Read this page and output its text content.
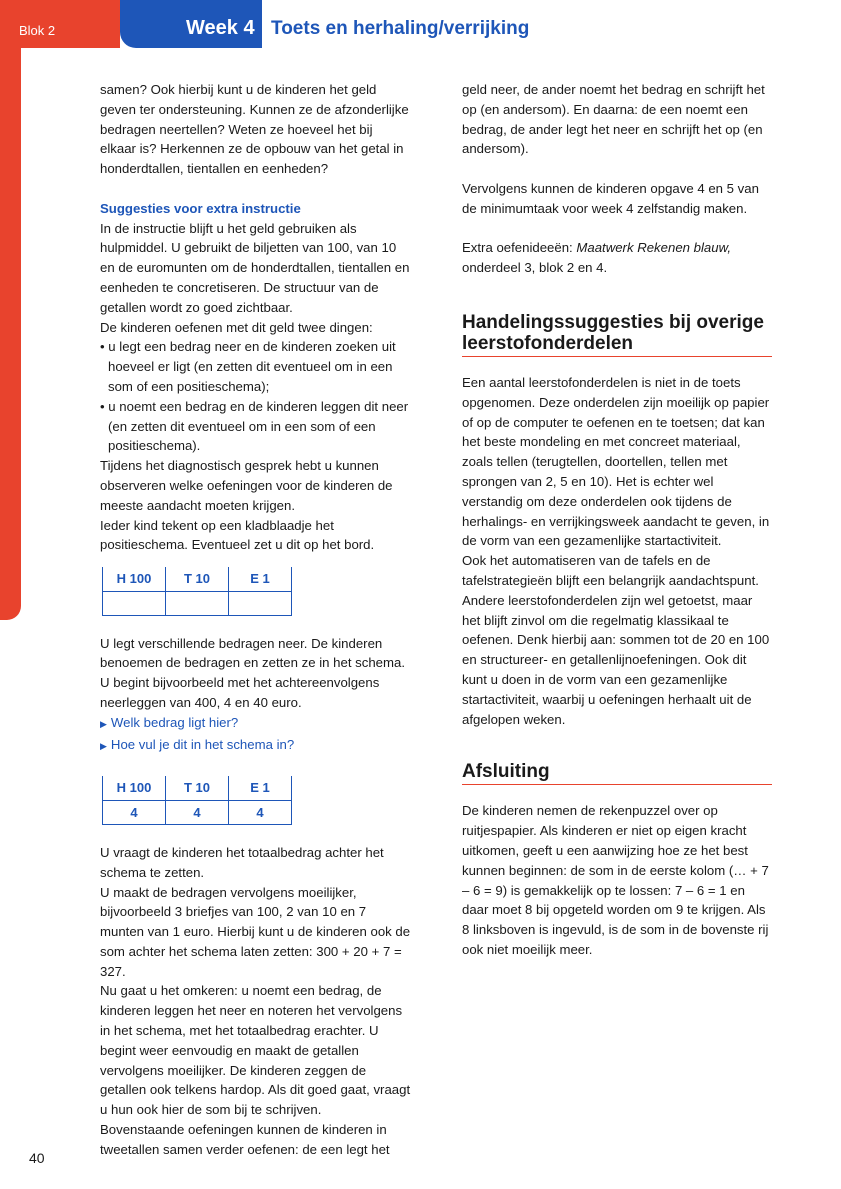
Blok 2	Week 4 Toets en herhaling/verrijking

samen? Ook hierbij kunt u de kinderen het geld geven ter ondersteuning. Kunnen ze de afzonderlijke bedragen neertellen? Weten ze hoeveel het bij elkaar is? Herkennen ze de opbouw van het getal in honderdtallen, tientallen en eenheden?

Suggesties voor extra instructie

In de instructie blijft u het geld gebruiken als hulpmiddel. U gebruikt de biljetten van 100, van 10 en de euromunten om de honderdtallen, tientallen en eenheden te concretiseren. De structuur van de getallen wordt zo goed zichtbaar.

De kinderen oefenen met dit geld twee dingen:

• u legt een bedrag neer en de kinderen zoeken uit hoeveel er ligt (en zetten dit eventueel om in een som of een positieschema);

• u noemt een bedrag en de kinderen leggen dit neer (en zetten dit eventueel om in een som of een positieschema).

Tijdens het diagnostisch gesprek hebt u kunnen observeren welke oefeningen voor de kinderen de meeste aandacht moeten krijgen.

Ieder kind tekent op een kladblaadje het positieschema. Eventueel zet u dit op het bord.

H 100	T 10	E 1

U legt verschillende bedragen neer. De kinderen benoemen de bedragen en zetten ze in het schema. U begint bijvoorbeeld met het achtereenvolgens neerleggen van 400, 4 en 40 euro.

▶ Welk bedrag ligt hier?

▶ Hoe vul je dit in het schema in?

H 100	T 10	E 1
4	4	4

U vraagt de kinderen het totaalbedrag achter het schema te zetten.

U maakt de bedragen vervolgens moeilijker, bijvoorbeeld 3 briefjes van 100, 2 van 10 en 7 munten van 1 euro. Hierbij kunt u de kinderen ook de som achter het schema laten zetten: 300 + 20 + 7 = 327.

Nu gaat u het omkeren: u noemt een bedrag, de kinderen leggen het neer en noteren het vervolgens in het schema, met het totaalbedrag erachter. U begint weer eenvoudig en maakt de getallen vervolgens moeilijker. De kinderen zeggen de getallen ook telkens hardop. Als dit goed gaat, vraagt u hun ook hier de som bij te schrijven.

Bovenstaande oefeningen kunnen de kinderen in tweetallen samen verder oefenen: de een legt het

geld neer, de ander noemt het bedrag en schrijft het op (en andersom). En daarna: de een noemt een bedrag, de ander legt het neer en schrijft het op (en andersom).

Vervolgens kunnen de kinderen opgave 4 en 5 van de minimumtaak voor week 4 zelfstandig maken.

Extra oefenideeën: Maatwerk Rekenen blauw,
onderdeel 3, blok 2 en 4.

Handelingssuggesties bij overige leerstofonderdelen

Een aantal leerstofonderdelen is niet in de toets opgenomen. Deze onderdelen zijn moeilijk op papier of op de computer te oefenen en te toetsen; dat kan het beste mondeling en met concreet materiaal, zoals tellen (terugtellen, doortellen, tellen met sprongen van 2, 5 en 10). Het is echter wel verstandig om deze onderdelen ook tijdens de herhalings- en verrijkingsweek aandacht te geven, in de vorm van een gezamenlijke startactiviteit.

Ook het automatiseren van de tafels en de tafelstrategieën blijft een belangrijk aandachtspunt. Andere leerstofonderdelen zijn wel getoetst, maar het blijft zinvol om die regelmatig klassikaal te oefenen. Denk hierbij aan: sommen tot de 20 en 100 en structureer- en getallenlijnoefeningen. Ook dit kunt u doen in de vorm van een gezamenlijke startactiviteit, waarbij u oefeningen herhaalt uit de afgelopen weken.

Afsluiting

De kinderen nemen de rekenpuzzel over op ruitjespapier. Als kinderen er niet op eigen kracht uitkomen, geeft u een aanwijzing hoe ze het best kunnen beginnen: de som in de eerste kolom (… + 7 – 6 = 9) is gemakkelijk op te lossen: 7 – 6 = 1 en daar moet 8 bij opgeteld worden om 9 te krijgen. Als 8 linksboven is ingevuld, is de som in de bovenste rij ook niet moeilijk meer.

40
